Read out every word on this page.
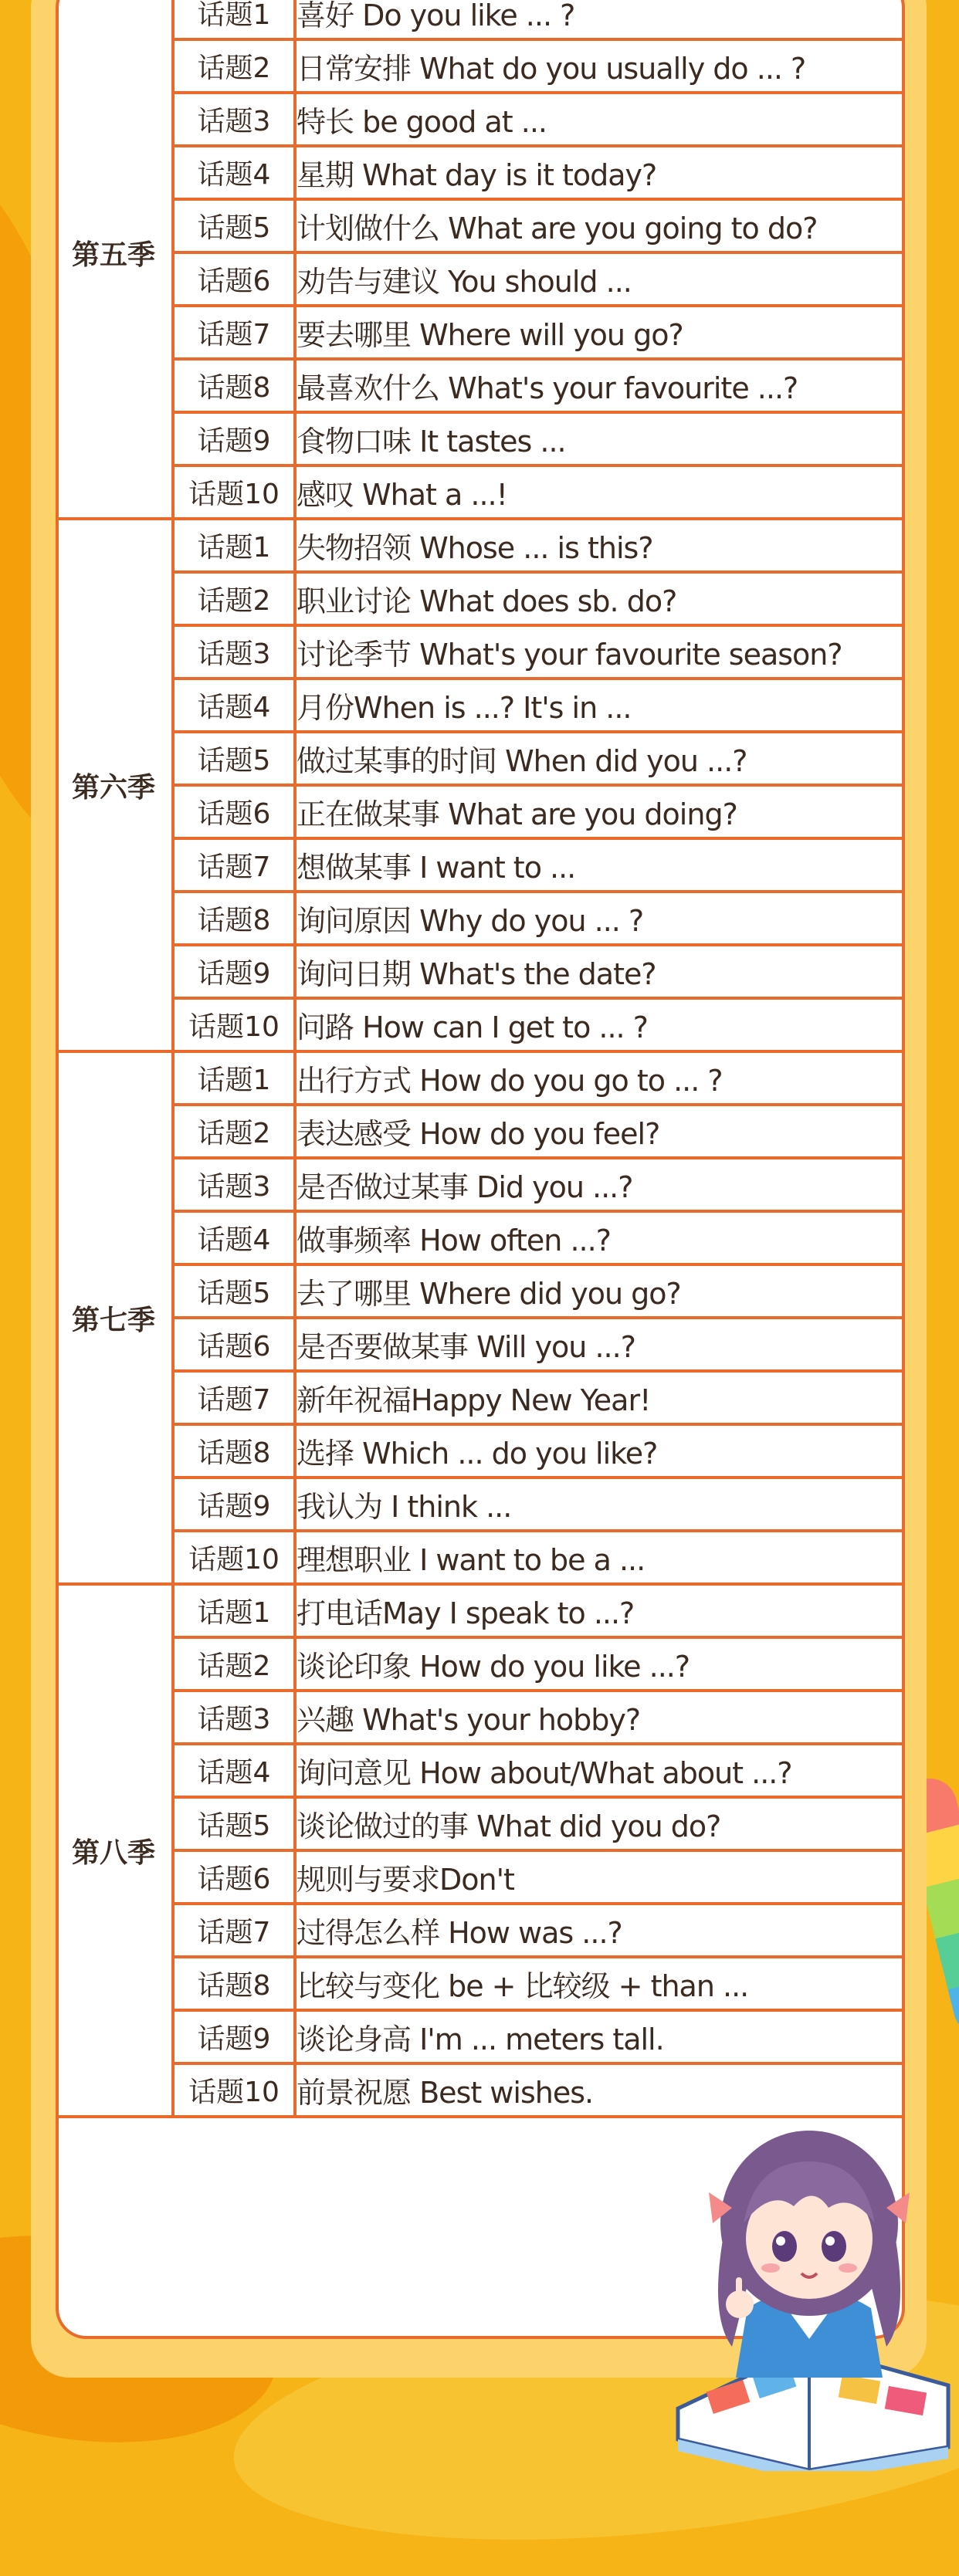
第五季	话题1	喜好 Do you like ... ?
	话题2	日常安排 What do you usually do ... ?
	话题3	特长 be good at ...
	话题4	星期 What day is it today?
	话题5	计划做什么 What are you going to do?
	话题6	劝告与建议 You should ...
	话题7	要去哪里 Where will you go?
	话题8	最喜欢什么 What's your favourite ...?
	话题9	食物口味 It tastes ...
	话题10	感叹 What a ...!
第六季	话题1	失物招领 Whose ... is this?
	话题2	职业讨论 What does sb. do?
	话题3	讨论季节 What's your favourite season?
	话题4	月份When is ...? It's in ...
	话题5	做过某事的时间 When did you ...?
	话题6	正在做某事 What are you doing?
	话题7	想做某事 I want to ...
	话题8	询问原因 Why do you ... ?
	话题9	询问日期 What's the date?
	话题10	问路 How can I get to ... ?
第七季	话题1	出行方式 How do you go to ... ?
	话题2	表达感受 How do you feel?
	话题3	是否做过某事 Did you ...?
	话题4	做事频率 How often ...?
	话题5	去了哪里 Where did you go?
	话题6	是否要做某事 Will you ...?
	话题7	新年祝福Happy New Year!
	话题8	选择 Which ... do you like?
	话题9	我认为 I think ...
	话题10	理想职业 I want to be a ...
第八季	话题1	打电话May I speak to ...?
	话题2	谈论印象 How do you like ...?
	话题3	兴趣 What's your hobby?
	话题4	询问意见 How about/What about ...?
	话题5	谈论做过的事 What did you do?
	话题6	规则与要求Don't
	话题7	过得怎么样 How was ...?
	话题8	比较与变化 be + 比较级 + than ...
	话题9	谈论身高 I'm ... meters tall.
	话题10	前景祝愿 Best wishes.
